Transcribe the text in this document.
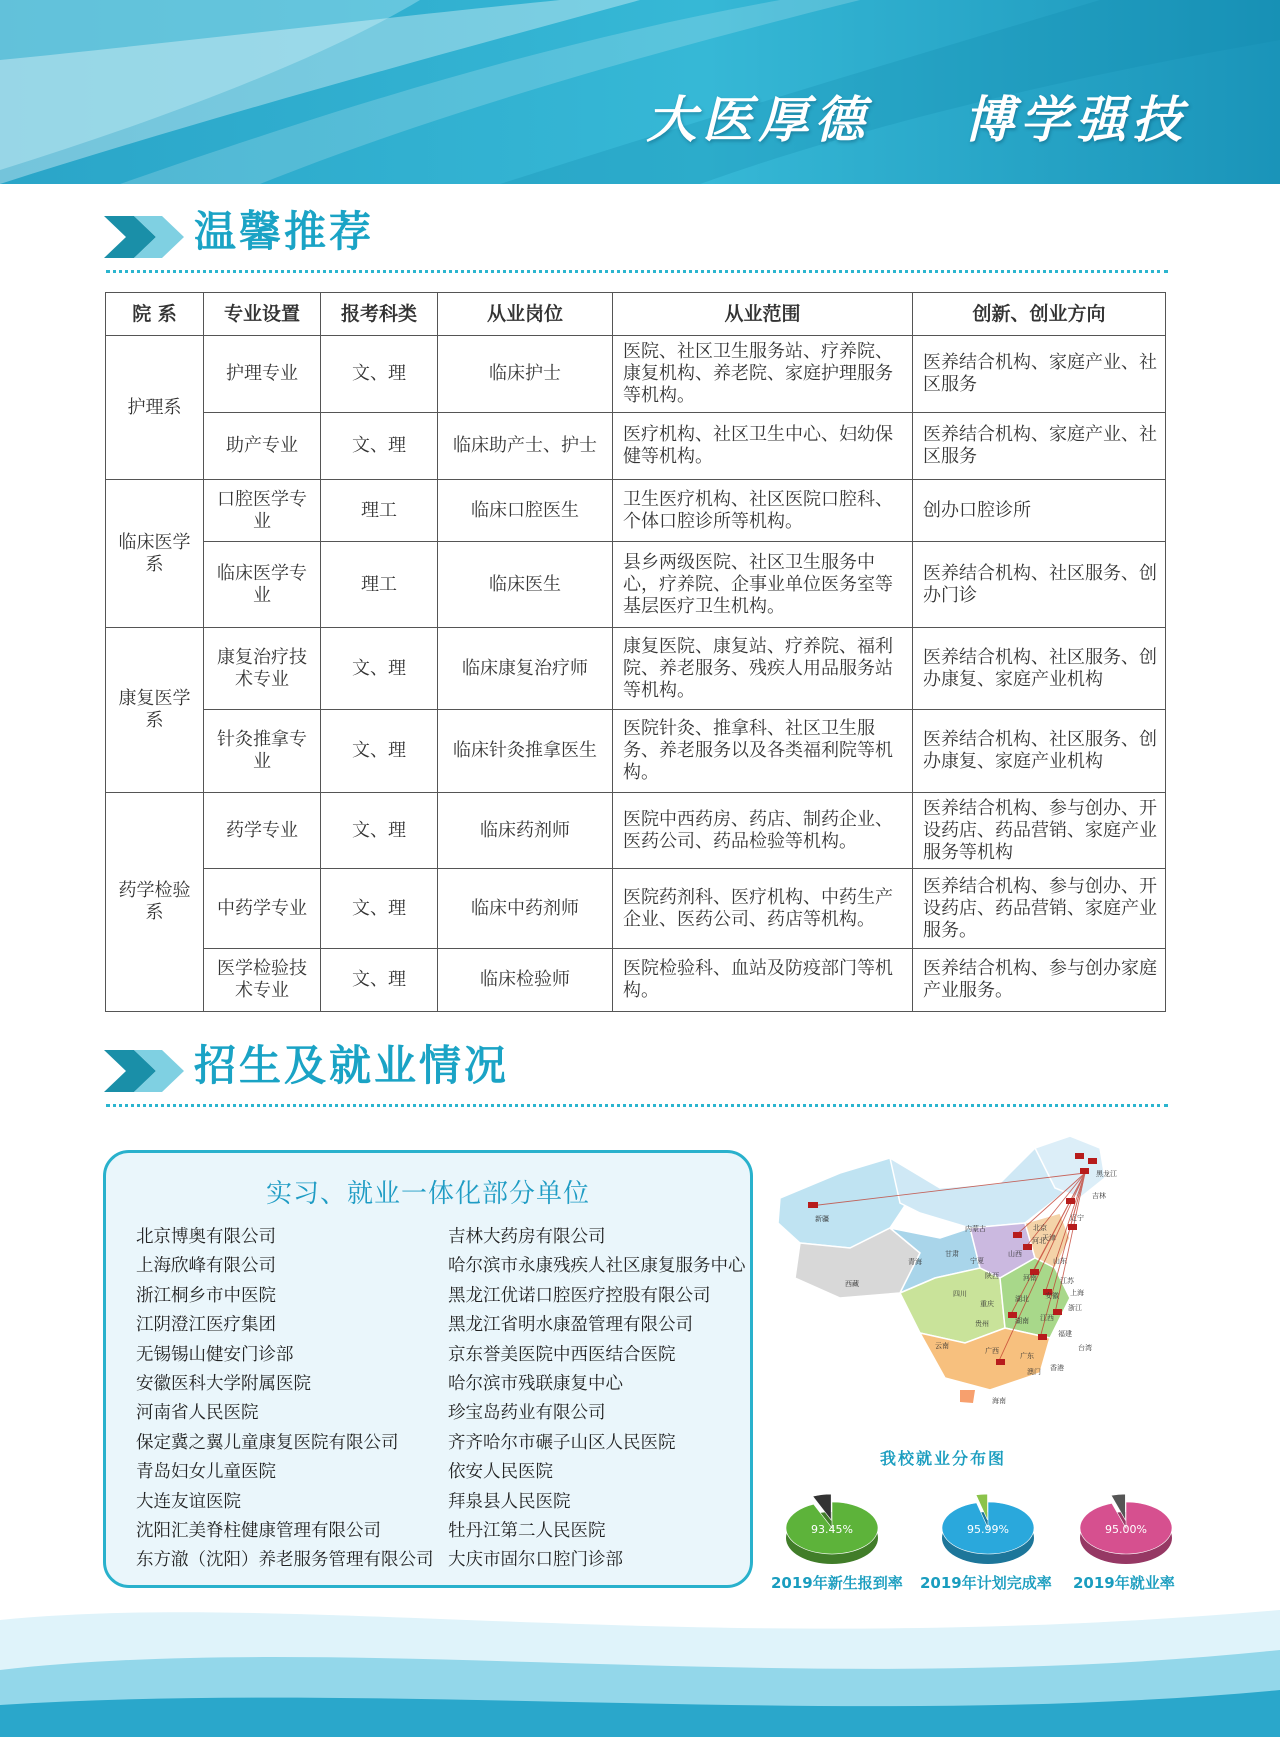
大医厚德    博学强技
温馨推荐
院 系	专业设置	报考科类	从业岗位	从业范围	创新、创业方向
护理系	护理专业	文、理	临床护士	医院、社区卫生服务站、疗养院、康复机构、养老院、家庭护理服务等机构。	医养结合机构、家庭产业、社区服务
	助产专业	文、理	临床助产士、护士	医疗机构、社区卫生中心、妇幼保健等机构。	医养结合机构、家庭产业、社区服务
临床医学系	口腔医学专业	理工	临床口腔医生	卫生医疗机构、社区医院口腔科、个体口腔诊所等机构。	创办口腔诊所
	临床医学专业	理工	临床医生	县乡两级医院、社区卫生服务中心，疗养院、企事业单位医务室等基层医疗卫生机构。	医养结合机构、社区服务、创办门诊
康复医学系	康复治疗技术专业	文、理	临床康复治疗师	康复医院、康复站、疗养院、福利院、养老服务、残疾人用品服务站等机构。	医养结合机构、社区服务、创办康复、家庭产业机构
	针灸推拿专业	文、理	临床针灸推拿医生	医院针灸、推拿科、社区卫生服务、养老服务以及各类福利院等机构。	医养结合机构、社区服务、创办康复、家庭产业机构
药学检验系	药学专业	文、理	临床药剂师	医院中西药房、药店、制药企业、医药公司、药品检验等机构。	医养结合机构、参与创办、开设药店、药品营销、家庭产业服务等机构
	中药学专业	文、理	临床中药剂师	医院药剂科、医疗机构、中药生产企业、医药公司、药店等机构。	医养结合机构、参与创办、开设药店、药品营销、家庭产业服务。
	医学检验技术专业	文、理	临床检验师	医院检验科、血站及防疫部门等机构。	医养结合机构、参与创办家庭产业服务。
招生及就业情况
实习、就业一体化部分单位
北京博奥有限公司
上海欣峰有限公司
浙江桐乡市中医院
江阴澄江医疗集团
无锡锡山健安门诊部
安徽医科大学附属医院
河南省人民医院
保定冀之翼儿童康复医院有限公司
青岛妇女儿童医院
大连友谊医院
沈阳汇美脊柱健康管理有限公司
东方澈（沈阳）养老服务管理有限公司
吉林大药房有限公司
哈尔滨市永康残疾人社区康复服务中心
黑龙江优诺口腔医疗控股有限公司
黑龙江省明水康盈管理有限公司
京东誉美医院中西医结合医院
哈尔滨市残联康复中心
珍宝岛药业有限公司
齐齐哈尔市碾子山区人民医院
依安人民医院
拜泉县人民医院
牡丹江第二人民医院
大庆市固尔口腔门诊部
新疆
西藏
青海
甘肃
内蒙古
宁夏
陕西
山西
北京
天津
河北
辽宁
吉林
黑龙江
山东
河南	江苏
上海
安徽
湖北
浙江
四川
重庆
湖南 江西
贵州
云南
福建
广西
广东
台湾
澳门 香港
海南
我校就业分布图
93.45%	95.99%	95.00%
2019年新生报到率 2019年计划完成率 2019年就业率
